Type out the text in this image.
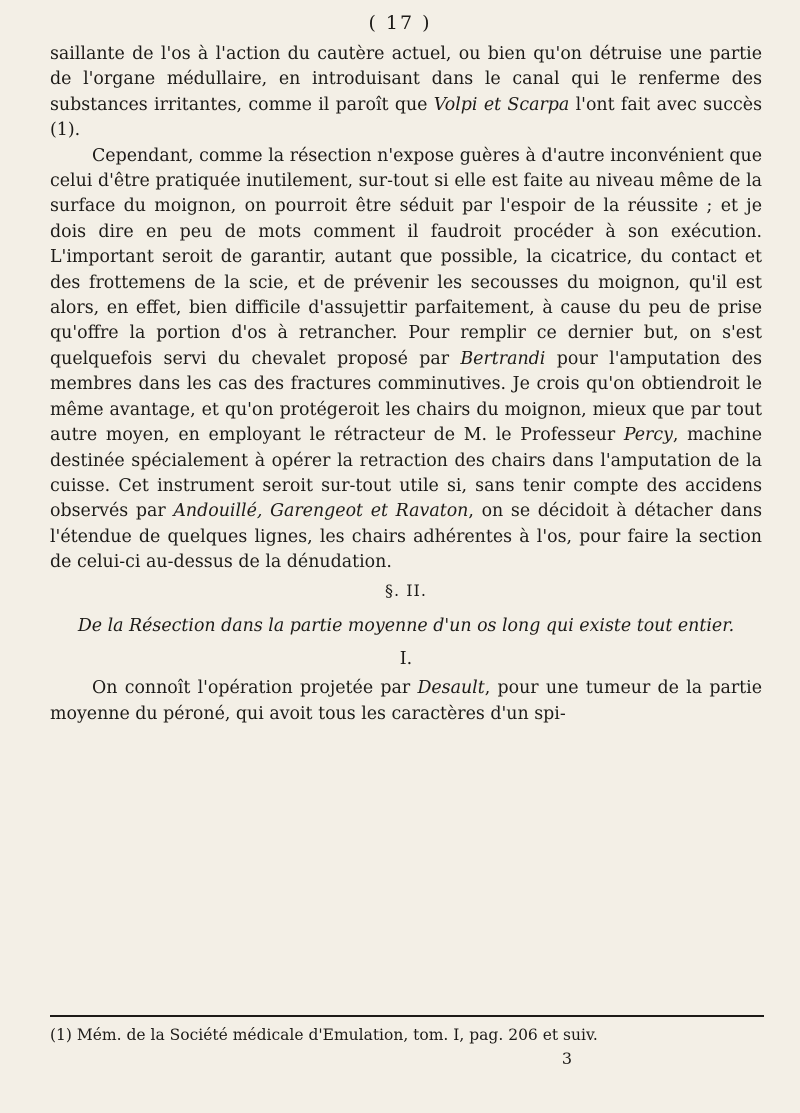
( 17 )

saillante de l'os à l'action du cautère actuel, ou bien qu'on détruise une partie de l'organe médullaire, en introduisant dans le canal qui le renferme des substances irritantes, comme il paroît que Volpi et Scarpa l'ont fait avec succès (1).

Cependant, comme la résection n'expose guères à d'autre inconvénient que celui d'être pratiquée inutilement, sur-tout si elle est faite au niveau même de la surface du moignon, on pourroit être séduit par l'espoir de la réussite ; et je dois dire en peu de mots comment il faudroit procéder à son exécution. L'important seroit de garantir, autant que possible, la cicatrice, du contact et des frottemens de la scie, et de prévenir les secousses du moignon, qu'il est alors, en effet, bien difficile d'assujettir parfaitement, à cause du peu de prise qu'offre la portion d'os à retrancher. Pour remplir ce dernier but, on s'est quelquefois servi du chevalet proposé par Bertrandi pour l'amputation des membres dans les cas des fractures comminutives. Je crois qu'on obtiendroit le même avantage, et qu'on protégeroit les chairs du moignon, mieux que par tout autre moyen, en employant le rétracteur de M. le Professeur Percy, machine destinée spécialement à opérer la retraction des chairs dans l'amputation de la cuisse. Cet instrument seroit sur-tout utile si, sans tenir compte des accidens observés par Andouillé, Garengeot et Ravaton, on se décidoit à détacher dans l'étendue de quelques lignes, les chairs adhérentes à l'os, pour faire la section de celui-ci au-dessus de la dénudation.

§. II.

De la Résection dans la partie moyenne d'un os long qui existe tout entier.

I.

On connoît l'opération projetée par Desault, pour une tumeur de la partie moyenne du péroné, qui avoit tous les caractères d'un spi-

(1) Mém. de la Société médicale d'Emulation, tom. I, pag. 206 et suiv.
3
